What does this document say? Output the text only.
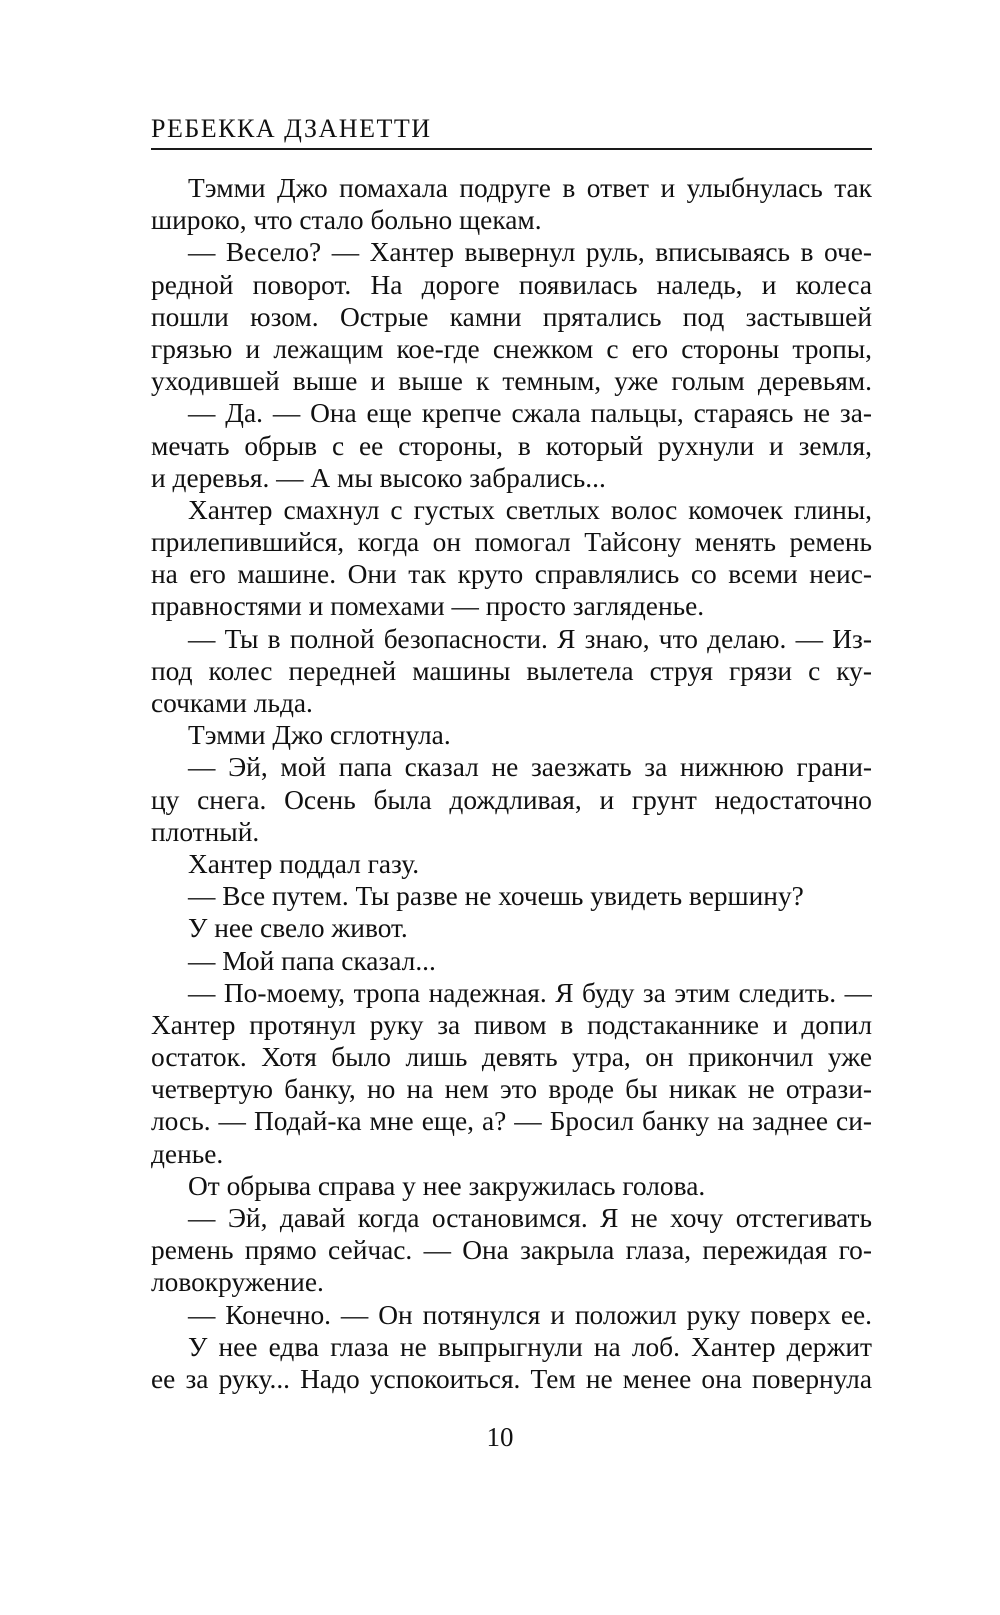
РЕБЕККА ДЗАНЕТТИ
Тэмми Джо помахала подруге в ответ и улыбнулась так
широко, что стало больно щекам.
— Весело? — Хантер вывернул руль, вписываясь в оче-
редной поворот. На дороге появилась наледь, и колеса
пошли юзом. Острые камни прятались под застывшей
грязью и лежащим кое-где снежком с его стороны тропы,
уходившей выше и выше к темным, уже голым деревьям.
— Да. — Она еще крепче сжала пальцы, стараясь не за-
мечать обрыв с ее стороны, в который рухнули и земля,
и деревья. — А мы высоко забрались...
Хантер смахнул с густых светлых волос комочек глины,
прилепившийся, когда он помогал Тайсону менять ремень
на его машине. Они так круто справлялись со всеми неис-
правностями и помехами — просто загляденье.
— Ты в полной безопасности. Я знаю, что делаю. — Из-
под колес передней машины вылетела струя грязи с ку-
сочками льда.
Тэмми Джо сглотнула.
— Эй, мой папа сказал не заезжать за нижнюю грани-
цу снега. Осень была дождливая, и грунт недостаточно
плотный.
Хантер поддал газу.
— Все путем. Ты разве не хочешь увидеть вершину?
У нее свело живот.
— Мой папа сказал...
— По-моему, тропа надежная. Я буду за этим следить. —
Хантер протянул руку за пивом в подстаканнике и допил
остаток. Хотя было лишь девять утра, он прикончил уже
четвертую банку, но на нем это вроде бы никак не отрази-
лось. — Подай-ка мне еще, а? — Бросил банку на заднее си-
денье.
От обрыва справа у нее закружилась голова.
— Эй, давай когда остановимся. Я не хочу отстегивать
ремень прямо сейчас. — Она закрыла глаза, пережидая го-
ловокружение.
— Конечно. — Он потянулся и положил руку поверх ее.
У нее едва глаза не выпрыгнули на лоб. Хантер держит
ее за руку... Надо успокоиться. Тем не менее она повернула
10
